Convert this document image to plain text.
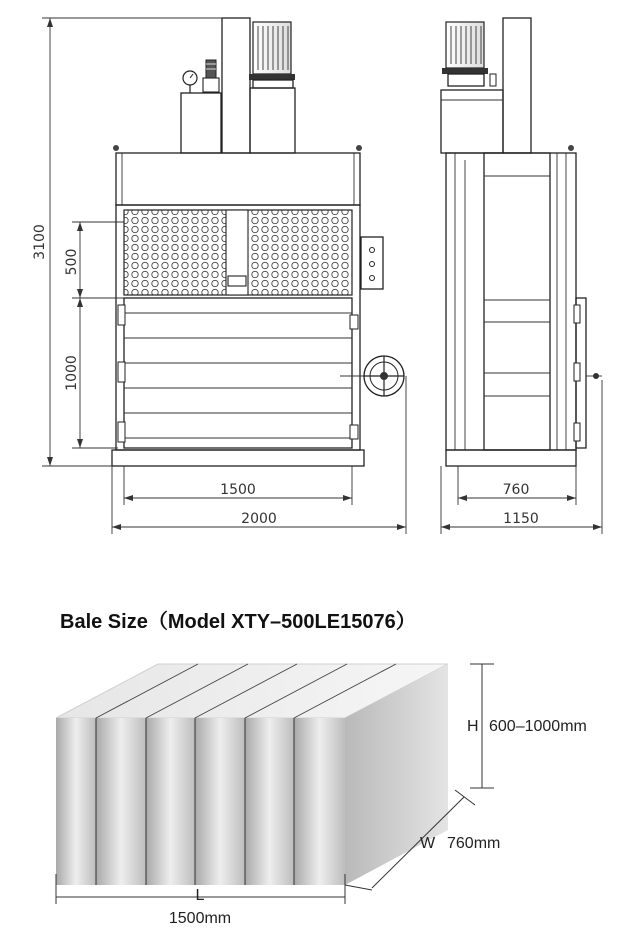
3100
500
1000
1500
2000
760
1150
Bale Size（Model XTY–500LE15076）
H 600–1000mm
W 760mm
L
1500mm
